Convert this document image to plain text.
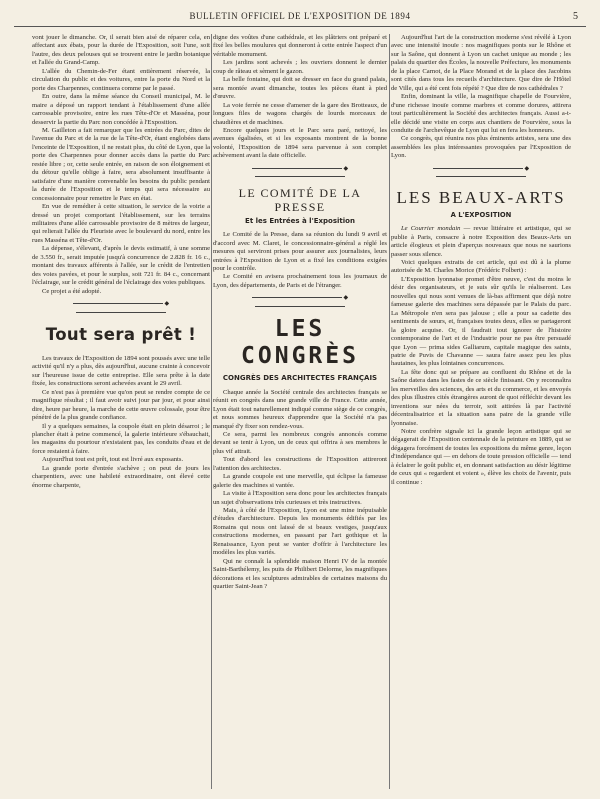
BULLETIN OFFICIEL DE L'EXPOSITION DE 1894	5

vont jouer le dimanche. Or, il serait bien aisé de réparer cela, en affectant aux ébats, pour la durée de l'Exposition, soit l'une, soit l'autre, des deux pelouses qui se trouvent entre le jardin botanique et l'allée du Grand-Camp.

L'allée du Chemin-de-Fer étant entièrement réservée, la circulation du public et des voitures, entre la porte du Nord et la porte des Charpennes, continuera comme par le passé.

En outre, dans la même séance du Conseil municipal, M. le maire a déposé un rapport tendant à l'établissement d'une allée carrossable provisoire, entre les rues Tête-d'Or et Masséna, pour desservir la partie du Parc non concédée à l'Exposition.

M. Gailleton a fait remarquer que les entrées du Parc, dites de l'avenue du Parc et de la rue de la Tête-d'Or, étant englobées dans l'enceinte de l'Exposition, il ne restait plus, du côté de Lyon, que la porte des Charpennes pour donner accès dans la partie du Parc restée libre ; or, cette seule entrée, en raison de son éloignement et du détour qu'elle oblige à faire, sera absolument insuffisante à satisfaire d'une manière convenable les besoins du public pendant la durée de l'Exposition et le temps qui sera nécessaire au concessionnaire pour remettre le Parc en état.

En vue de remédier à cette situation, le service de la voirie a dressé un projet comportant l'établissement, sur les terrains militaires d'une allée carrossable provisoire de 8 mètres de largeur, qui relierait l'allée du Fleuriste avec le boulevard du nord, entre les rues Masséna et Tête-d'Or.

La dépense, s'élevant, d'après le devis estimatif, à une somme de 3.550 fr., serait imputée jusqu'à concurrence de 2.828 fr. 16 c., montant des travaux afférents à l'allée, sur le crédit de l'entretien des voies pavées, et pour le surplus, soit 721 fr. 84 c., concernant l'éclairage, sur le crédit général de l'éclairage des voies publiques.

Ce projet a été adopté.

◆
Tout sera prêt !

Les travaux de l'Exposition de 1894 sont poussés avec une telle activité qu'il n'y a plus, dès aujourd'hui, aucune crainte à concevoir sur l'heureuse issue de cette entreprise. Elle sera prête à la date fixée, les constructions seront achevées avant le 29 avril.

Ce n'est pas à première vue qu'on peut se rendre compte de ce magnifique résultat ; il faut avoir suivi jour par jour, et pour ainsi dire, heure par heure, la marche de cette œuvre colossale, pour être pénétré de la plus grande confiance.

Il y a quelques semaines, la coupole était en plein désarroi ; le plancher était à peine commencé, la galerie intérieure s'ébauchait, les magasins du pourtour n'existaient pas, les conduits d'eau et de force restaient à faire.

Aujourd'hui tout est prêt, tout est livré aux exposants.

La grande porte d'entrée s'achève ; on peut de jours les charpentiers, avec une habileté extraordinaire, ont élevé cette énorme charpente,

digne des voûtes d'une cathédrale, et les plâtriers ont préparé et fixé les belles moulures qui donneront à cette entrée l'aspect d'un véritable monument.

Les jardins sont achevés ; les ouvriers donnent le dernier coup de râteau et sèment le gazon.

La belle fontaine, qui doit se dresser en face du grand palais, sera montée avant dimanche, toutes les pièces étant à pied d'œuvre.

La voie ferrée ne cesse d'amener de la gare des Brotteaux, de longues files de wagons chargés de lourds morceaux de chaudières et de machines.

Encore quelques jours et le Parc sera paré, nettoyé, les avenues égalisées, et si les exposants montrent de la bonne volonté, l'Exposition de 1894 sera parvenue à son complet achèvement avant la date officielle.

◆
LE COMITÉ DE LA PRESSE
Et les Entrées à l'Exposition

Le Comité de la Presse, dans sa réunion du lundi 9 avril et d'accord avec M. Claret, le concessionnaire-général a réglé les mesures qui serviront prises pour assurer aux journalistes, leurs entrées à l'Exposition de Lyon et a fixé les conditions exigées pour le contrôle.

Le Comité en avisera prochainement tous les journaux de Lyon, des départements, de Paris et de l'étranger.

◆
LES CONGRÈS
CONGRÈS DES ARCHITECTES FRANÇAIS

Chaque année la Société centrale des architectes français se réunit en congrès dans une grande ville de France. Cette année, Lyon était tout naturellement indiqué comme siège de ce congrès, et nous sommes heureux d'apprendre que la Société n'a pas manqué d'y fixer son rendez-vous.

Ce sera, parmi les nombreux congrès annoncés comme devant se tenir à Lyon, un de ceux qui offrira à ses membres le plus vif attrait.

Tout d'abord les constructions de l'Exposition attireront l'attention des architectes.

La grande coupole est une merveille, qui éclipse la fameuse galerie des machines si vantée.

La visite à l'Exposition sera donc pour les architectes français un sujet d'observations très curieuses et très instructives.

Mais, à côté de l'Exposition, Lyon est une mine inépuisable d'études d'architecture. Depuis les monuments édifiés par les Romains qui nous ont laissé de si beaux vestiges, jusqu'aux constructions modernes, en passant par l'art gothique et la Renaissance, Lyon peut se vanter d'offrir à l'architecture les modèles les plus variés.

Qui ne connaît la splendide maison Henri IV de la montée Saint-Barthélemy, les puits de Philibert Delorme, les magnifiques décorations et les sculptures admirables de certaines maisons du quartier Saint-Jean ?

Aujourd'hui l'art de la construction moderne s'est révélé à Lyon avec une intensité inouïe : nos magnifiques ponts sur le Rhône et sur la Saône, qui donnent à Lyon un cachet unique au monde ; les palais du quartier des Écoles, la nouvelle Préfecture, les monuments de la place Carnot, de la Place Morand et de la place des Jacobins sont cités dans tous les recueils d'architecture. Que dire de l'Hôtel de Ville, qui a été cent fois répété ? Que dire de nos cathédrales ?

Enfin, dominant la ville, la magnifique chapelle de Fourvière, d'une richesse inouïe comme marbres et comme dorures, attirera tout particulièrement la Société des architectes français. Aussi a-t-elle décidé une visite en corps aux chantiers de Fourvière, sous la conduite de l'archevêque de Lyon qui lui en fera les honneurs.

Ce congrès, qui réunira nos plus éminents artistes, sera une des assemblées les plus intéressantes provoquées par l'Exposition de Lyon.

◆
LES BEAUX-ARTS
A L'EXPOSITION

Le Courrier mondain — revue littéraire et artistique, qui se publie à Paris, consacre à notre Exposition des Beaux-Arts un article élogieux et plein d'aperçus nouveaux que nous ne saurions passer sous silence.

Voici quelques extraits de cet article, qui est dû à la plume autorisée de M. Charles Morice (Frédéric Folbert) :

L'Exposition lyonnaise promet d'être neuve, c'est du moins le désir des organisateurs, et je suis sûr qu'ils le réaliseront. Les nouvelles qui nous sont venues de là-bas affirment que déjà notre fameuse galerie des machines sera dépassée par le Palais du parc. La Métropole n'en sera pas jalouse ; elle a pour sa cadette des sentiments de sœurs, et, françaises toutes deux, elles se partageront la gloire acquise. Or, il faudrait tout ignorer de l'histoire contemporaine de l'art et de l'industrie pour ne pas être persuadé que Lyon — prima sides Galliarum, capitale magique des saints, patrie de Puvis de Chavanne — saura faire assez peu les plus hautaines, les plus lointaines concurrences.

La fête donc qui se prépare au confluent du Rhône et de la Saône datera dans les fastes de ce siècle finissant. On y reconnaîtra les merveilles des sciences, des arts et du commerce, et les envoyés des plus illustres cités étrangères auront de quoi réfléchir devant les inventions sur nées du terroir, soit attirées là par l'activité décentralisatrice et la situation sans paire de la grande ville lyonnaise.

Notre confrère signale ici la grande leçon artistique qui se dégagerait de l'Exposition centennale de la peinture en 1889, qui se dégagera forcément de toutes les expositions du même genre, leçon d'indépendance qui — en dehors de toute pression officielle — tend à éclairer le goût public et, en donnant satisfaction au désir légitime de ceux qui « regardent et voient », élève les choix de l'avenir, puis il continue :
